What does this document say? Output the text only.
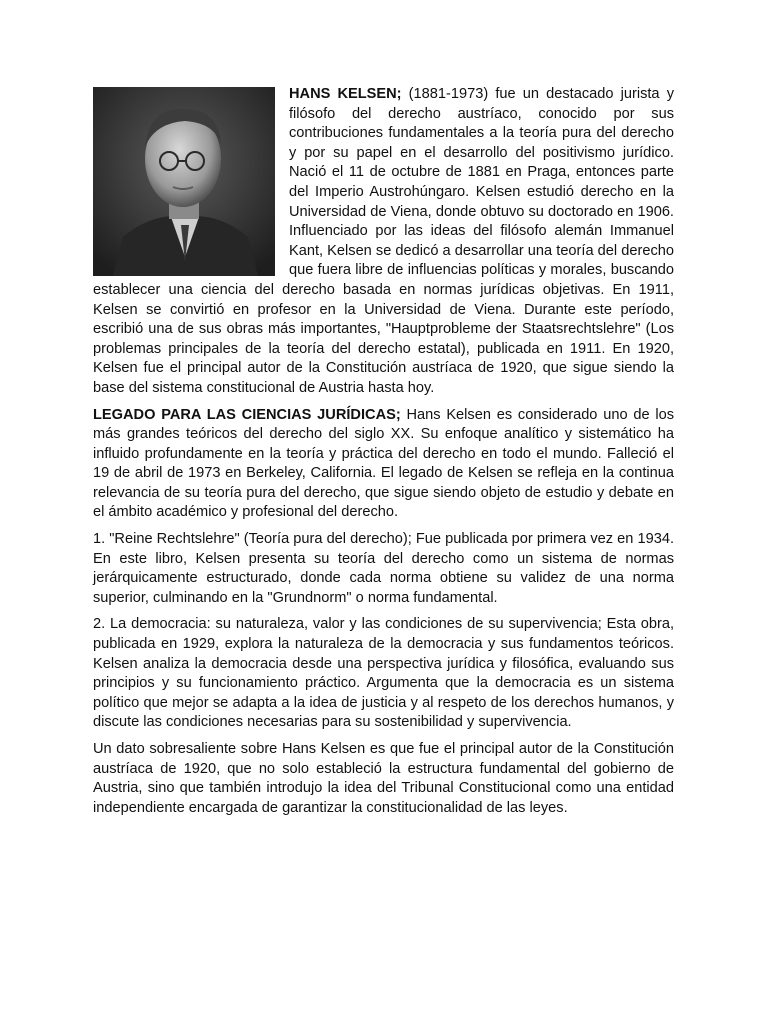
HANS KELSEN; (1881-1973) fue un destacado jurista y filósofo del derecho austríaco, conocido por sus contribuciones fundamentales a la teoría pura del derecho y por su papel en el desarrollo del positivismo jurídico. Nació el 11 de octubre de 1881 en Praga, entonces parte del Imperio Austrohúngaro. Kelsen estudió derecho en la Universidad de Viena, donde obtuvo su doctorado en 1906. Influenciado por las ideas del filósofo alemán Immanuel Kant, Kelsen se dedicó a desarrollar una teoría del derecho que fuera libre de influencias políticas y morales, buscando establecer una ciencia del derecho basada en normas jurídicas objetivas. En 1911, Kelsen se convirtió en profesor en la Universidad de Viena. Durante este período, escribió una de sus obras más importantes, "Hauptprobleme der Staatsrechtslehre" (Los problemas principales de la teoría del derecho estatal), publicada en 1911. En 1920, Kelsen fue el principal autor de la Constitución austríaca de 1920, que sigue siendo la base del sistema constitucional de Austria hasta hoy.

LEGADO PARA LAS CIENCIAS JURÍDICAS; Hans Kelsen es considerado uno de los más grandes teóricos del derecho del siglo XX. Su enfoque analítico y sistemático ha influido profundamente en la teoría y práctica del derecho en todo el mundo. Falleció el 19 de abril de 1973 en Berkeley, California. El legado de Kelsen se refleja en la continua relevancia de su teoría pura del derecho, que sigue siendo objeto de estudio y debate en el ámbito académico y profesional del derecho.

1. "Reine Rechtslehre" (Teoría pura del derecho); Fue publicada por primera vez en 1934. En este libro, Kelsen presenta su teoría del derecho como un sistema de normas jerárquicamente estructurado, donde cada norma obtiene su validez de una norma superior, culminando en la "Grundnorm" o norma fundamental.

2. La democracia: su naturaleza, valor y las condiciones de su supervivencia; Esta obra, publicada en 1929, explora la naturaleza de la democracia y sus fundamentos teóricos. Kelsen analiza la democracia desde una perspectiva jurídica y filosófica, evaluando sus principios y su funcionamiento práctico. Argumenta que la democracia es un sistema político que mejor se adapta a la idea de justicia y al respeto de los derechos humanos, y discute las condiciones necesarias para su sostenibilidad y supervivencia.

Un dato sobresaliente sobre Hans Kelsen es que fue el principal autor de la Constitución austríaca de 1920, que no solo estableció la estructura fundamental del gobierno de Austria, sino que también introdujo la idea del Tribunal Constitucional como una entidad independiente encargada de garantizar la constitucionalidad de las leyes.
